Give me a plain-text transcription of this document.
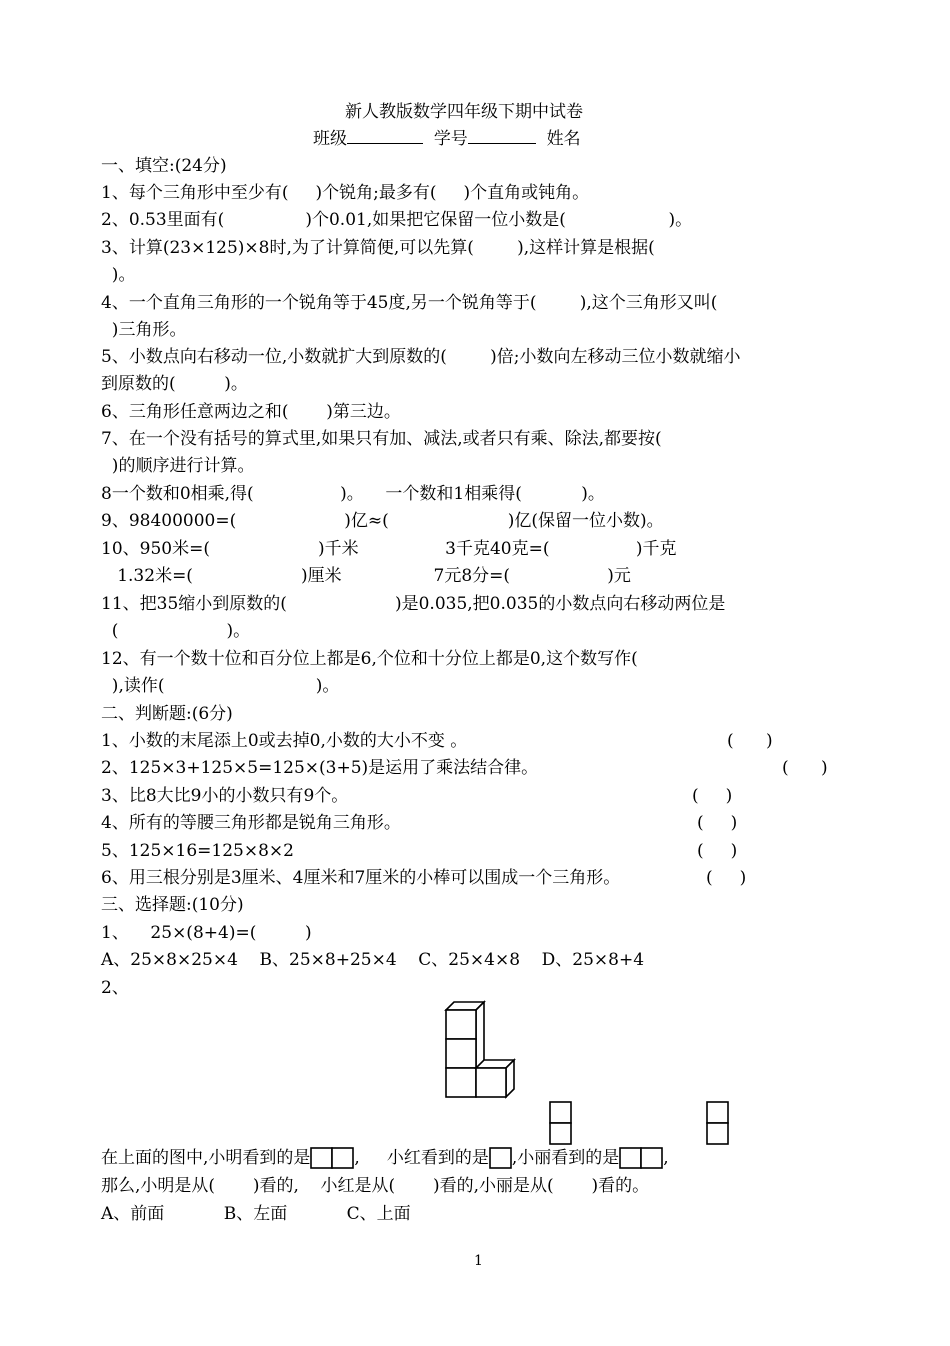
新人教版数学四年级下期中试卷
班级	学号	姓名
一、填空:(24分)
1、每个三角形中至少有(     )个锐角;最多有(     )个直角或钝角。
2、0.53里面有(               )个0.01,如果把它保留一位小数是(                   )。
3、计算(23×125)×8时,为了计算简便,可以先算(        ),这样计算是根据(
)。
4、一个直角三角形的一个锐角等于45度,另一个锐角等于(        ),这个三角形又叫(
)三角形。
5、小数点向右移动一位,小数就扩大到原数的(        )倍;小数向左移动三位小数就缩小
到原数的(         )。
6、三角形任意两边之和(       )第三边。
7、在一个没有括号的算式里,如果只有加、减法,或者只有乘、除法,都要按(
)的顺序进行计算。
8一个数和0相乘,得(                )。    一个数和1相乘得(           )。
9、98400000=(                    )亿≈(                      )亿(保留一位小数)。
10、950米=(                    )千米                3千克40克=(                )千克
1.32米=(                    )厘米                 7元8分=(                  )元
11、把35缩小到原数的(                    )是0.035,把0.035的小数点向右移动两位是
(                    )。
12、有一个数十位和百分位上都是6,个位和十分位上都是0,这个数写作(
),读作(                            )。
二、判断题:(6分)
1、小数的末尾添上0或去掉0,小数的大小不变 。	(      )
2、125×3+125×5=125×(3+5)是运用了乘法结合律。	(      )
3、比8大比9小的小数只有9个。	(     )
4、所有的等腰三角形都是锐角三角形。	(     )
5、125×16=125×8×2	(     )
6、用三根分别是3厘米、4厘米和7厘米的小棒可以围成一个三角形。	(     )
三、选择题:(10分)
1、    25×(8+4)=(         )
A、25×8×25×4    B、25×8+25×4    C、25×4×8    D、25×8+4
2、
在上面的图中,小明看到的是	,     小红看到的是 ,小丽看到的是	,
那么,小明是从(       )看的,    小红是从(       )看的,小丽是从(       )看的。
A、前面           B、左面           C、上面
1
